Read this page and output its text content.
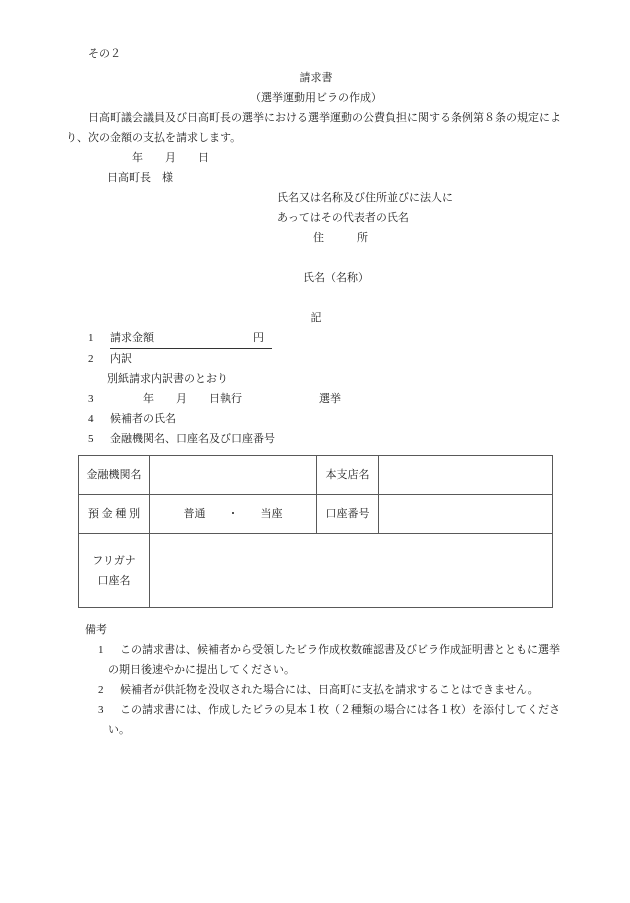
その２
請求書
（選挙運動用ビラの作成）
日高町議会議員及び日高町長の選挙における選挙運動の公費負担に関する条例第８条の規定により、次の金額の支払を請求します。
年　　月　　日
日高町長　様
氏名又は名称及び住所並びに法人に
あってはその代表者の氏名
住　　　所
氏名（名称）
記
1 請求金額	円
2 内訳
別紙請求内訳書のとおり
3　　　年　　月　　日執行　　　　　　　選挙
4 候補者の氏名
5 金融機関名、口座名及び口座番号
金融機関名		本支店名	
預 金 種 別	普通　　・　　当座	口座番号	

フリガナ
口座名			

備考
1 この請求書は、候補者から受領したビラ作成枚数確認書及びビラ作成証明書とともに選挙の期日後速やかに提出してください。
2 候補者が供託物を没収された場合には、日高町に支払を請求することはできません。
3 この請求書には、作成したビラの見本１枚（２種類の場合には各１枚）を添付してください。
